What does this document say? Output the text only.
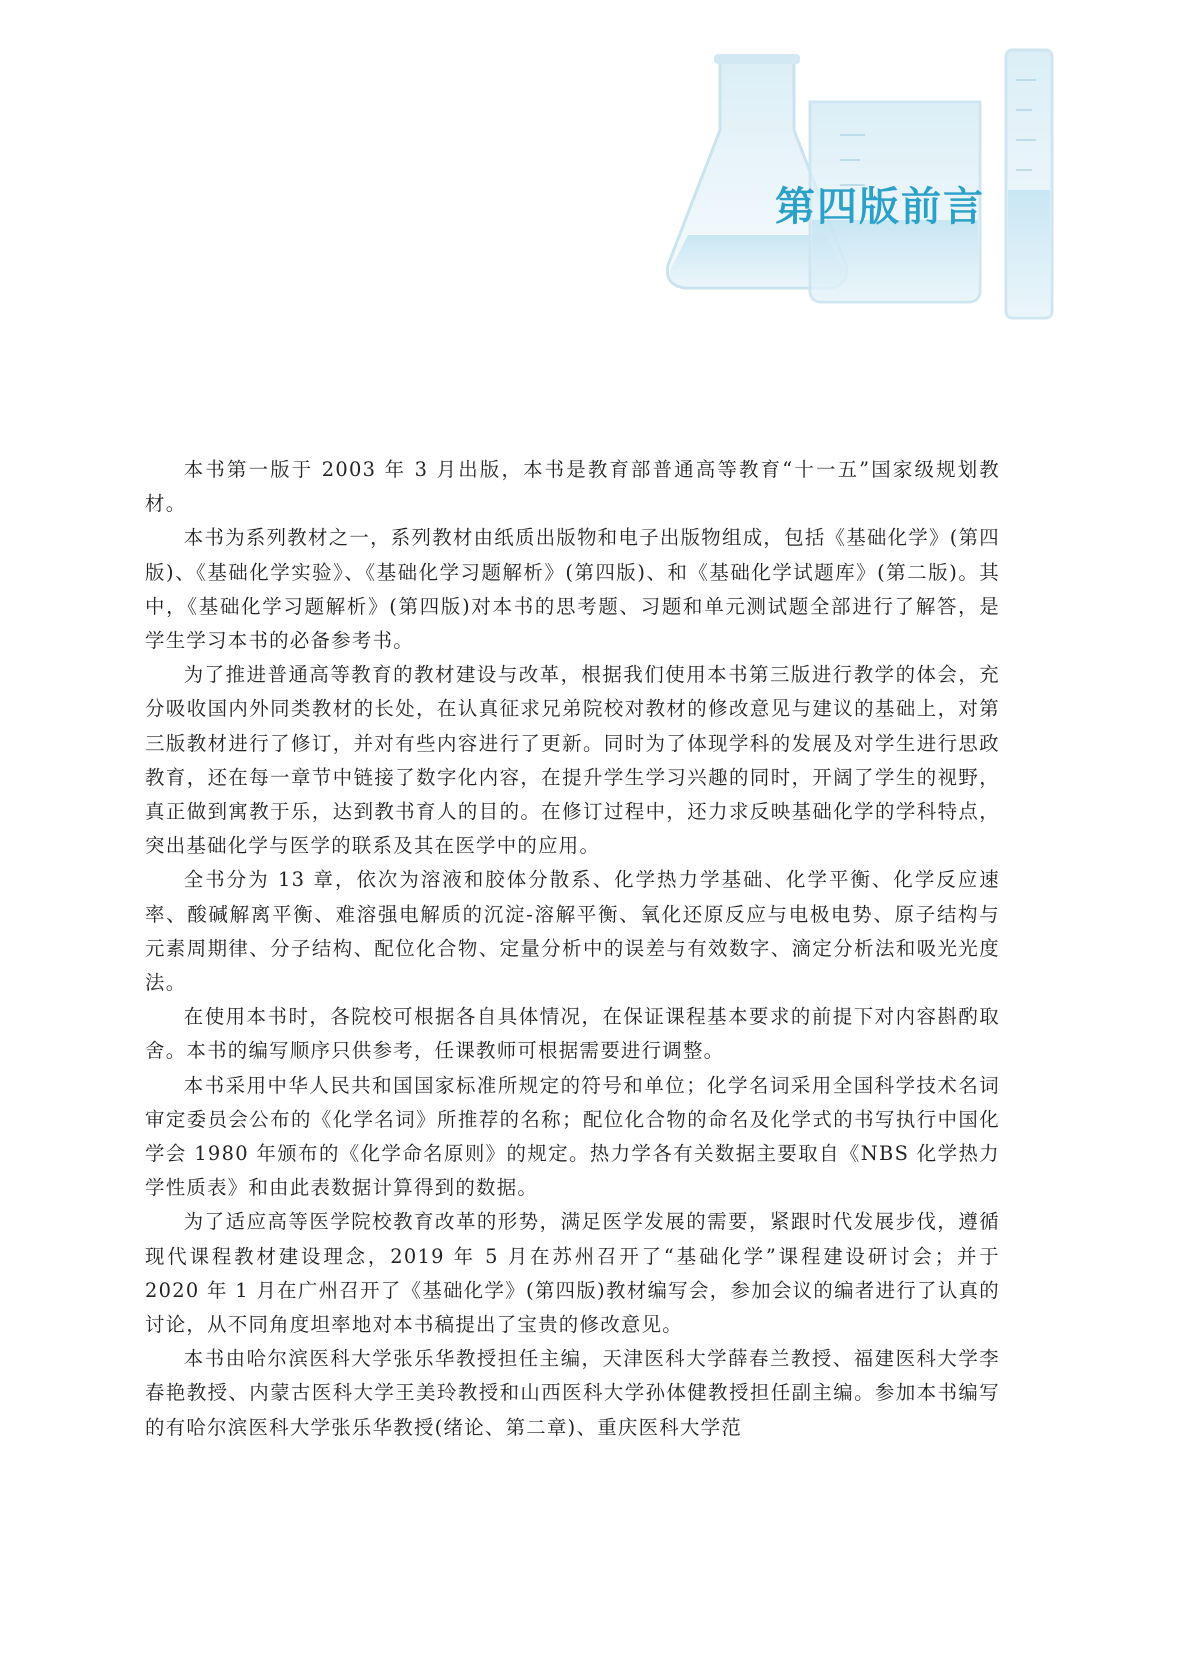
第四版前言

本书第一版于 2003 年 3 月出版，本书是教育部普通高等教育“十一五”国家级规划教材。

本书为系列教材之一，系列教材由纸质出版物和电子出版物组成，包括《基础化学》(第四版)、《基础化学实验》、《基础化学习题解析》(第四版)、和《基础化学试题库》(第二版)。其中，《基础化学习题解析》(第四版)对本书的思考题、习题和单元测试题全部进行了解答，是学生学习本书的必备参考书。

为了推进普通高等教育的教材建设与改革，根据我们使用本书第三版进行教学的体会，充分吸收国内外同类教材的长处，在认真征求兄弟院校对教材的修改意见与建议的基础上，对第三版教材进行了修订，并对有些内容进行了更新。同时为了体现学科的发展及对学生进行思政教育，还在每一章节中链接了数字化内容，在提升学生学习兴趣的同时，开阔了学生的视野，真正做到寓教于乐，达到教书育人的目的。在修订过程中，还力求反映基础化学的学科特点，突出基础化学与医学的联系及其在医学中的应用。

全书分为 13 章，依次为溶液和胶体分散系、化学热力学基础、化学平衡、化学反应速率、酸碱解离平衡、难溶强电解质的沉淀-溶解平衡、氧化还原反应与电极电势、原子结构与元素周期律、分子结构、配位化合物、定量分析中的误差与有效数字、滴定分析法和吸光光度法。

在使用本书时，各院校可根据各自具体情况，在保证课程基本要求的前提下对内容斟酌取舍。本书的编写顺序只供参考，任课教师可根据需要进行调整。

本书采用中华人民共和国国家标准所规定的符号和单位；化学名词采用全国科学技术名词审定委员会公布的《化学名词》所推荐的名称；配位化合物的命名及化学式的书写执行中国化学会 1980 年颁布的《化学命名原则》的规定。热力学各有关数据主要取自《NBS 化学热力学性质表》和由此表数据计算得到的数据。

为了适应高等医学院校教育改革的形势，满足医学发展的需要，紧跟时代发展步伐，遵循现代课程教材建设理念，2019 年 5 月在苏州召开了“基础化学”课程建设研讨会；并于 2020 年 1 月在广州召开了《基础化学》(第四版)教材编写会，参加会议的编者进行了认真的讨论，从不同角度坦率地对本书稿提出了宝贵的修改意见。

本书由哈尔滨医科大学张乐华教授担任主编，天津医科大学薛春兰教授、福建医科大学李春艳教授、内蒙古医科大学王美玲教授和山西医科大学孙体健教授担任副主编。参加本书编写的有哈尔滨医科大学张乐华教授(绪论、第二章)、重庆医科大学范
